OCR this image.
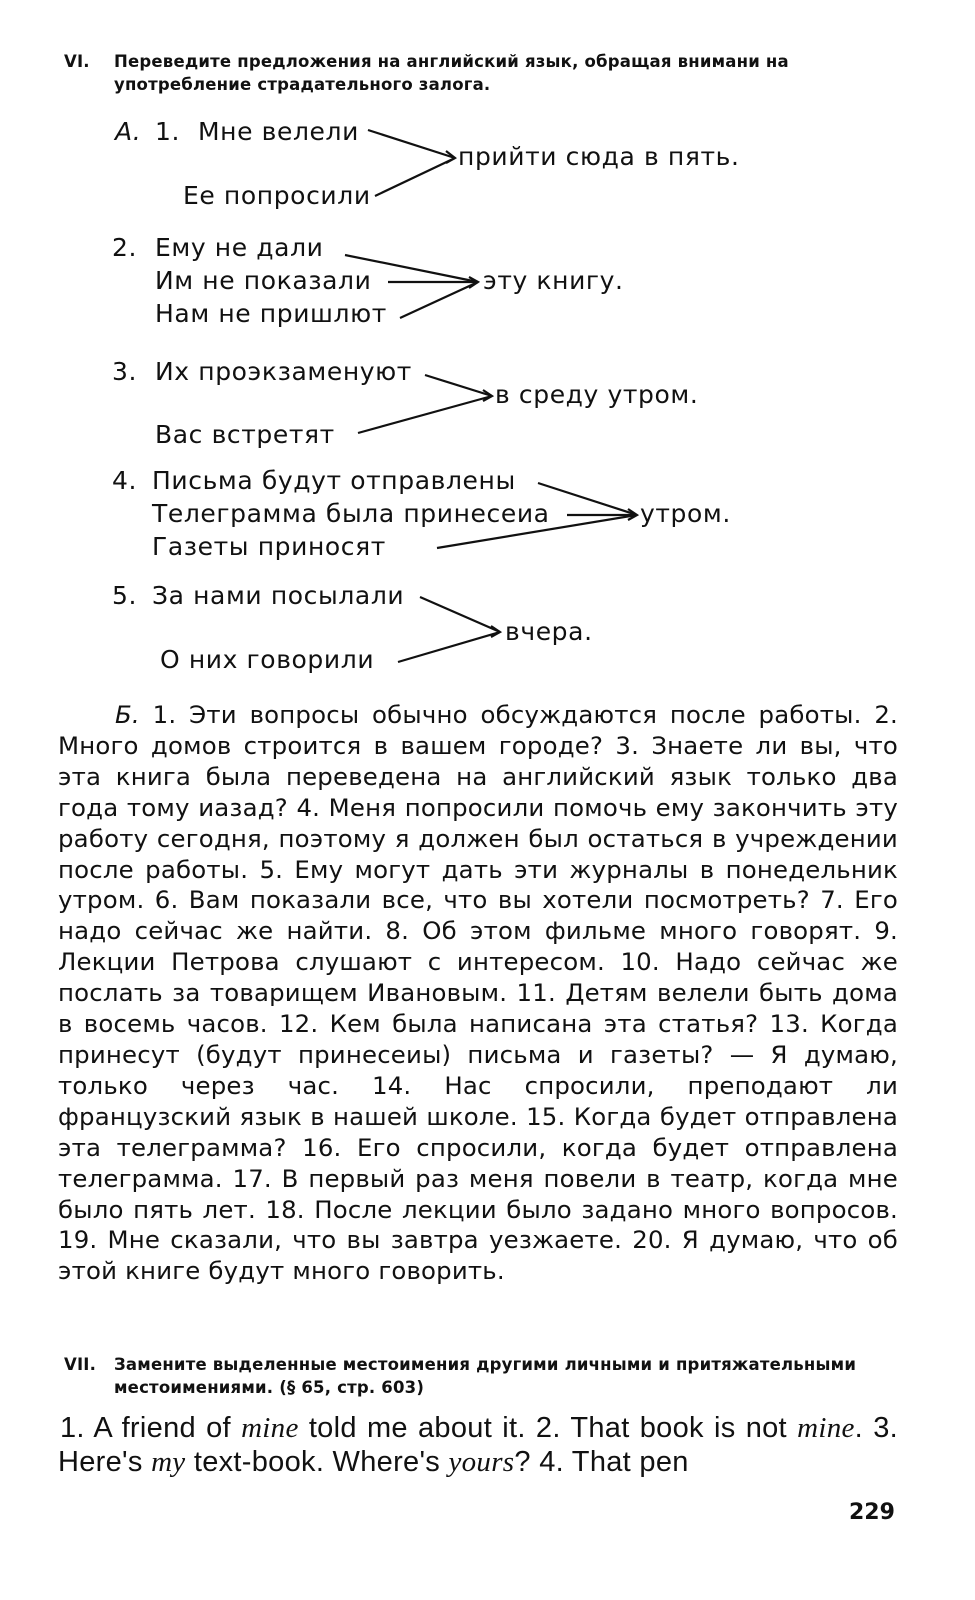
VI.	Переведите предложения на английский язык, обращая внимани на употребление страдательного залога.
А. 1. Мне велели
Ее попросили
прийти сюда в пять.
2. Ему не дали
Им не показали
Нам не пришлют
эту книгу.
3. Их проэкзаменуют
Вас встретят
в среду утром.
4. Письма будут отправлены
Телеграмма была принесеиа
Газеты приносят
утром.
5. За нами посылали
О них говорили
вчера.
Б. 1. Эти вопросы обычно обсуждаются после работы. 2. Много домов строится в вашем городе? 3. Знаете ли вы, что эта книга была переведена на английский язык только два года тому иазад? 4. Меня попросили помочь ему закончить эту работу сегодня, поэтому я должен был остаться в учреждении после работы. 5. Ему могут дать эти журналы в понедельник утром. 6. Вам показали все, что вы хотели посмотреть? 7. Его надо сейчас же найти. 8. Об этом фильме много говорят. 9. Лекции Петрова слушают с интересом. 10. Надо сейчас же послать за товарищем Ивановым. 11. Детям велели быть дома в восемь часов. 12. Кем была написана эта статья? 13. Когда принесут (будут принесеиы) письма и газеты? — Я думаю, только через час. 14. Нас спросили, преподают ли французский язык в нашей школе. 15. Когда будет отправлена эта телеграмма? 16. Его спросили, когда будет отправлена телеграмма. 17. В первый раз меня повели в театр, когда мне было пять лет. 18. После лекции было задано много вопросов. 19. Мне сказали, что вы завтра уезжаете. 20. Я думаю, что об этой книге будут много говорить.
VII.	Замените выделенные местоимения другими личными и притяжательными местоимениями. (§ 65, стр. 603)
1. A friend of mine told me about it. 2. That book is not mine. 3. Here's my text-book. Where's yours? 4. That pen
229
